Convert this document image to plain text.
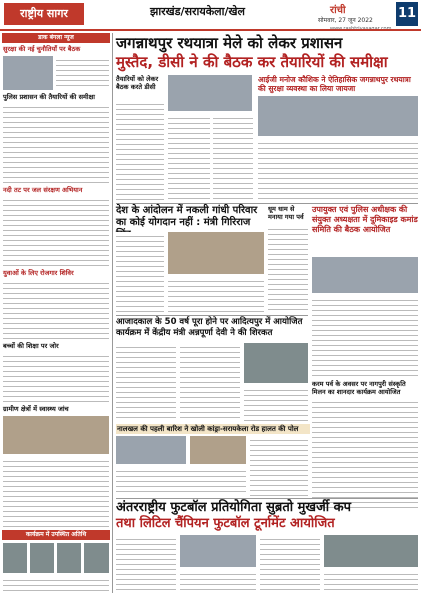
राष्ट्रीय सागर	झारखंड/सरायकेला/खेल	रांची
सोमवार, 27 जून 2022 11
डाक बंगला न्यूज
सुरक्षा की नई चुनौतियाँ पर बैठक
पुलिस प्रशासन की तैयारियों की समीक्षा
नदी तट पर जल संरक्षण अभियान
युवाओं के लिए रोजगार शिविर
बच्चों की शिक्षा पर जोर
ग्रामीण क्षेत्रों में स्वास्थ्य जांच
कार्यक्रम में उपस्थित अतिथि
जगन्नाथपुर रथयात्रा मेले को लेकर प्रशासन
मुस्तैद, डीसी ने की बैठक कर तैयारियों की समीक्षा
तैयारियों को लेकर बैठक करते डीसी
आईजी मनोज कौशिक ने ऐतिहासिक जगन्नाथपुर रथयात्रा की सुरक्षा व्यवस्था का लिया जायजा
देश के आंदोलन में नकली गांधी परिवार का कोई योगदान नहीं : मंत्री गिरिराज
धूम धाम से मनाया गया पर्व
उपायुक्त एवं पुलिस अधीक्षक की संयुक्त अध्यक्षता में दुमिकाइड कमांड समिति की बैठक आयोजित
आजादकाल के 50 वर्ष पूरा होने पर आदित्यपुर में आयोजित कार्यक्रम में केंद्रीय मंत्री अन्नपूर्णा देवी ने की शिरकत
करम पर्व के अवसर पर नागपुरी संस्कृति मिलन का शानदार कार्यक्रम आयोजित
नालखल की पहली बारिश ने खोली कांड्रा-सरायकेला रोड हालत की पोल
अंतरराष्ट्रीय फुटबॉल प्रतियोगिता सुब्रतो मुखर्जी कप
तथा लिटिल चैंपियन फुटबॉल टूर्नामेंट आयोजित
